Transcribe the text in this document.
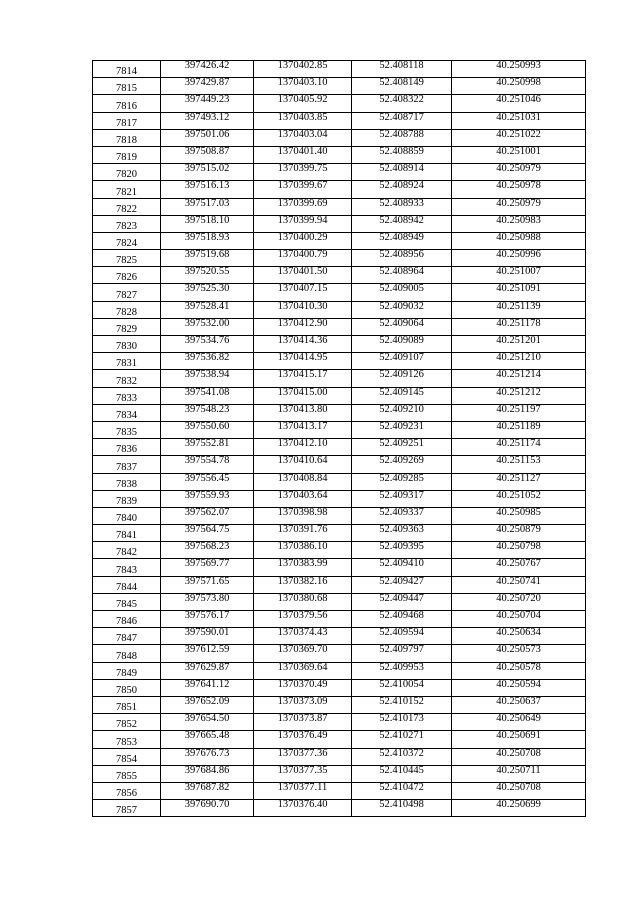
7814	397426.42	1370402.85	52.408118	40.250993
7815	397429.87	1370403.10	52.408149	40.250998
7816	397449.23	1370405.92	52.408322	40.251046
7817	397493.12	1370403.85	52.408717	40.251031
7818	397501.06	1370403.04	52.408788	40.251022
7819	397508.87	1370401.40	52.408859	40.251001
7820	397515.02	1370399.75	52.408914	40.250979
7821	397516.13	1370399.67	52.408924	40.250978
7822	397517.03	1370399.69	52.408933	40.250979
7823	397518.10	1370399.94	52.408942	40.250983
7824	397518.93	1370400.29	52.408949	40.250988
7825	397519.68	1370400.79	52.408956	40.250996
7826	397520.55	1370401.50	52.408964	40.251007
7827	397525.30	1370407.15	52.409005	40.251091
7828	397528.41	1370410.30	52.409032	40.251139
7829	397532.00	1370412.90	52.409064	40.251178
7830	397534.76	1370414.36	52.409089	40.251201
7831	397536.82	1370414.95	52.409107	40.251210
7832	397538.94	1370415.17	52.409126	40.251214
7833	397541.08	1370415.00	52.409145	40.251212
7834	397548.23	1370413.80	52.409210	40.251197
7835	397550.60	1370413.17	52.409231	40.251189
7836	397552.81	1370412.10	52.409251	40.251174
7837	397554.78	1370410.64	52.409269	40.251153
7838	397556.45	1370408.84	52.409285	40.251127
7839	397559.93	1370403.64	52.409317	40.251052
7840	397562.07	1370398.98	52.409337	40.250985
7841	397564.75	1370391.76	52.409363	40.250879
7842	397568.23	1370386.10	52.409395	40.250798
7843	397569.77	1370383.99	52.409410	40.250767
7844	397571.65	1370382.16	52.409427	40.250741
7845	397573.80	1370380.68	52.409447	40.250720
7846	397576.17	1370379.56	52.409468	40.250704
7847	397590.01	1370374.43	52.409594	40.250634
7848	397612.59	1370369.70	52.409797	40.250573
7849	397629.87	1370369.64	52.409953	40.250578
7850	397641.12	1370370.49	52.410054	40.250594
7851	397652.09	1370373.09	52.410152	40.250637
7852	397654.50	1370373.87	52.410173	40.250649
7853	397665.48	1370376.49	52.410271	40.250691
7854	397676.73	1370377.36	52.410372	40.250708
7855	397684.86	1370377.35	52.410445	40.250711
7856	397687.82	1370377.11	52.410472	40.250708
7857	397690.70	1370376.40	52.410498	40.250699
